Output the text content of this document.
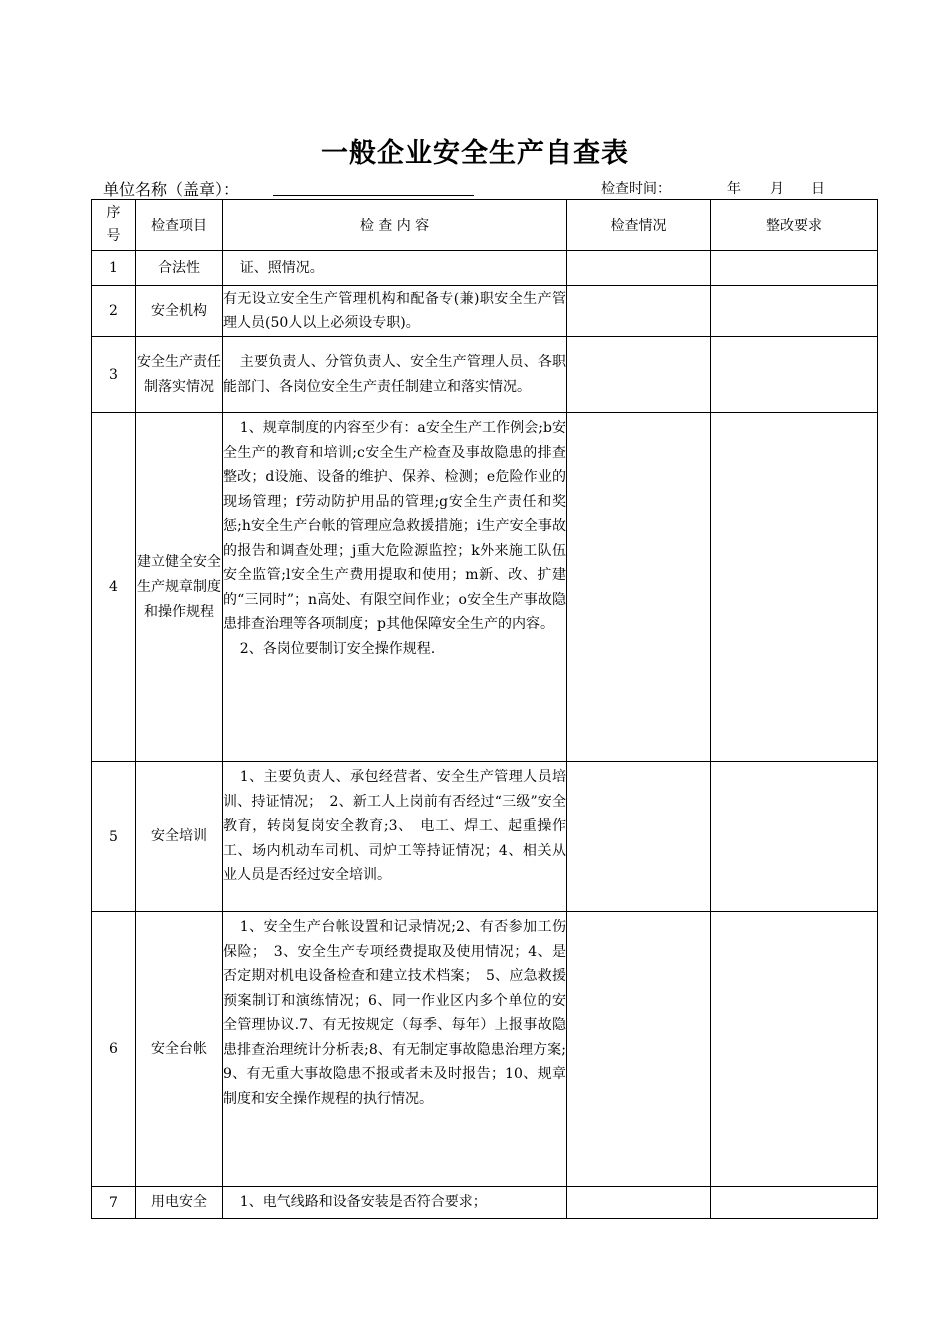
一般企业安全生产自查表
单位名称（盖章）：	检查时间：	年 月 日
序
号	检查项目	检 查 内 容	检查情况	整改要求
1	合法性	证、照情况。		

2	安全机构	有无设立安全生产管理机构和配备专(兼)职安全生产管理人员(50人以上必须设专职)。		

3	安全生产责任制落实情况	主要负责人、分管负责人、安全生产管理人员、各职能部门、各岗位安全生产责任制建立和落实情况。		

4	建立健全安全生产规章制度和操作规程	1、规章制度的内容至少有：a安全生产工作例会;b安全生产的教育和培训;c安全生产检查及事故隐患的排查整改；d设施、设备的维护、保养、检测；e危险作业的现场管理；f劳动防护用品的管理;g安全生产责任和奖惩;h安全生产台帐的管理应急救援措施；i生产安全事故的报告和调查处理；j重大危险源监控；k外来施工队伍安全监管;l安全生产费用提取和使用；m新、改、扩建的“三同时”；n高处、有限空间作业；o安全生产事故隐患排查治理等各项制度；p其他保障安全生产的内容。

2、各岗位要制订安全操作规程.		

5	安全培训	1、主要负责人、承包经营者、安全生产管理人员培训、持证情况；　2、新工人上岗前有否经过“三级”安全教育，转岗复岗安全教育;3、　电工、焊工、起重操作工、场内机动车司机、司炉工等持证情况；4、相关从业人员是否经过安全培训。		

6	安全台帐	1、安全生产台帐设置和记录情况;2、有否参加工伤保险；　3、安全生产专项经费提取及使用情况；4、是否定期对机电设备检查和建立技术档案；　5、应急救援预案制订和演练情况；6、同一作业区内多个单位的安全管理协议.7、有无按规定（每季、每年）上报事故隐患排查治理统计分析表;8、有无制定事故隐患治理方案;9、有无重大事故隐患不报或者未及时报告；10、规章制度和安全操作规程的执行情况。		

7	用电安全	1、电气线路和设备安装是否符合要求；		
